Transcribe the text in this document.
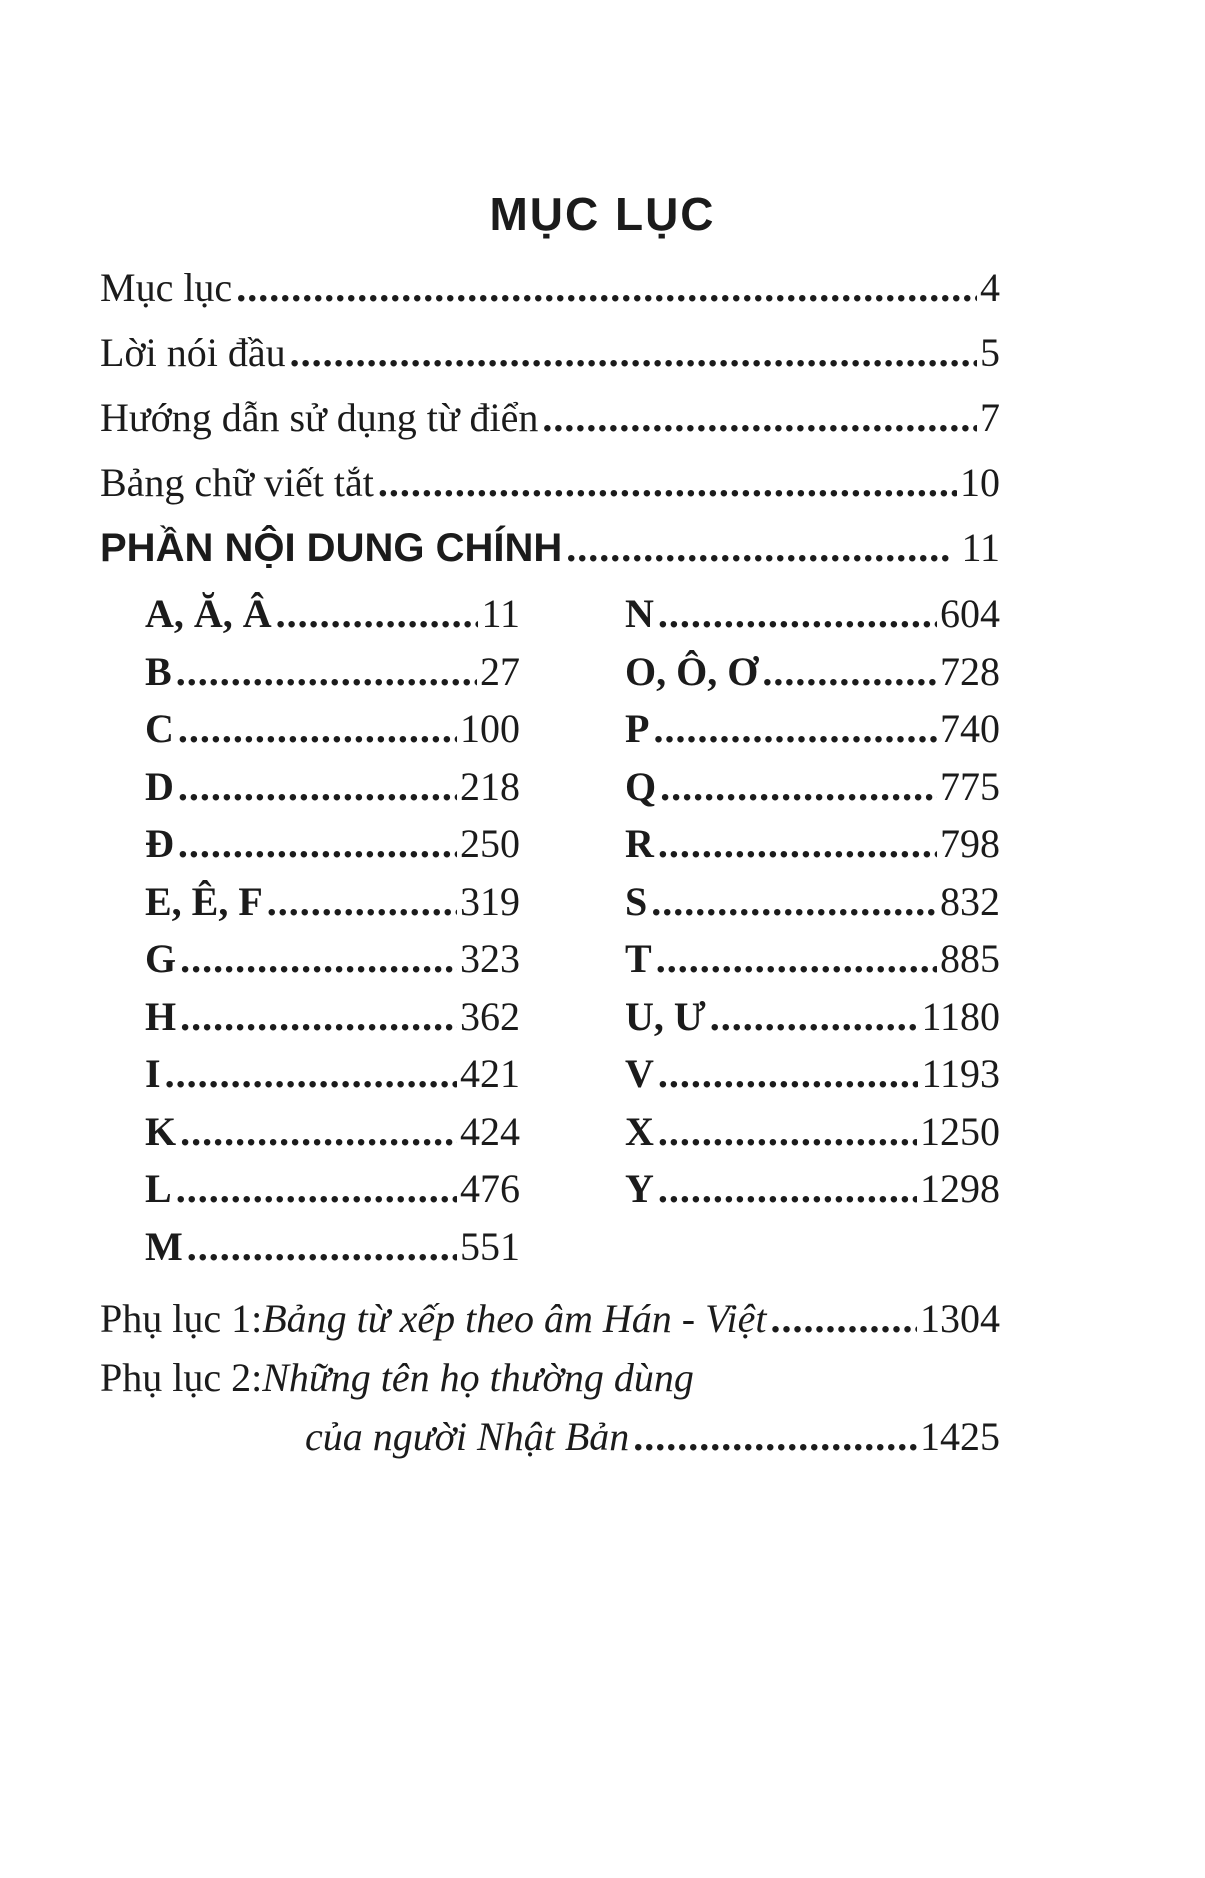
MỤC LỤC
Mục lục .....	4
Lời nói đầu .....	5
Hướng dẫn sử dụng từ điển .....	7
Bảng chữ viết tắt .....	10
PHẦN NỘI DUNG CHÍNH .....	11
A, Ă, Â .....	11
B .....	27
C .....	100
D .....	218
Đ .....	250
E, Ê, F .....	319
G .....	323
H .....	362
I .....	421
K .....	424
L .....	476
M .....	551
N .....	604
O, Ô, Ơ .....	728
P .....	740
Q .....	775
R .....	798
S .....	832
T .....	885
U, Ư .....	1180
V .....	1193
X .....	1250
Y .....	1298
Phụ lục 1: Bảng từ xếp theo âm Hán - Việt .....	1304
Phụ lục 2: Những tên họ thường dùng
của người Nhật Bản .....	1425
